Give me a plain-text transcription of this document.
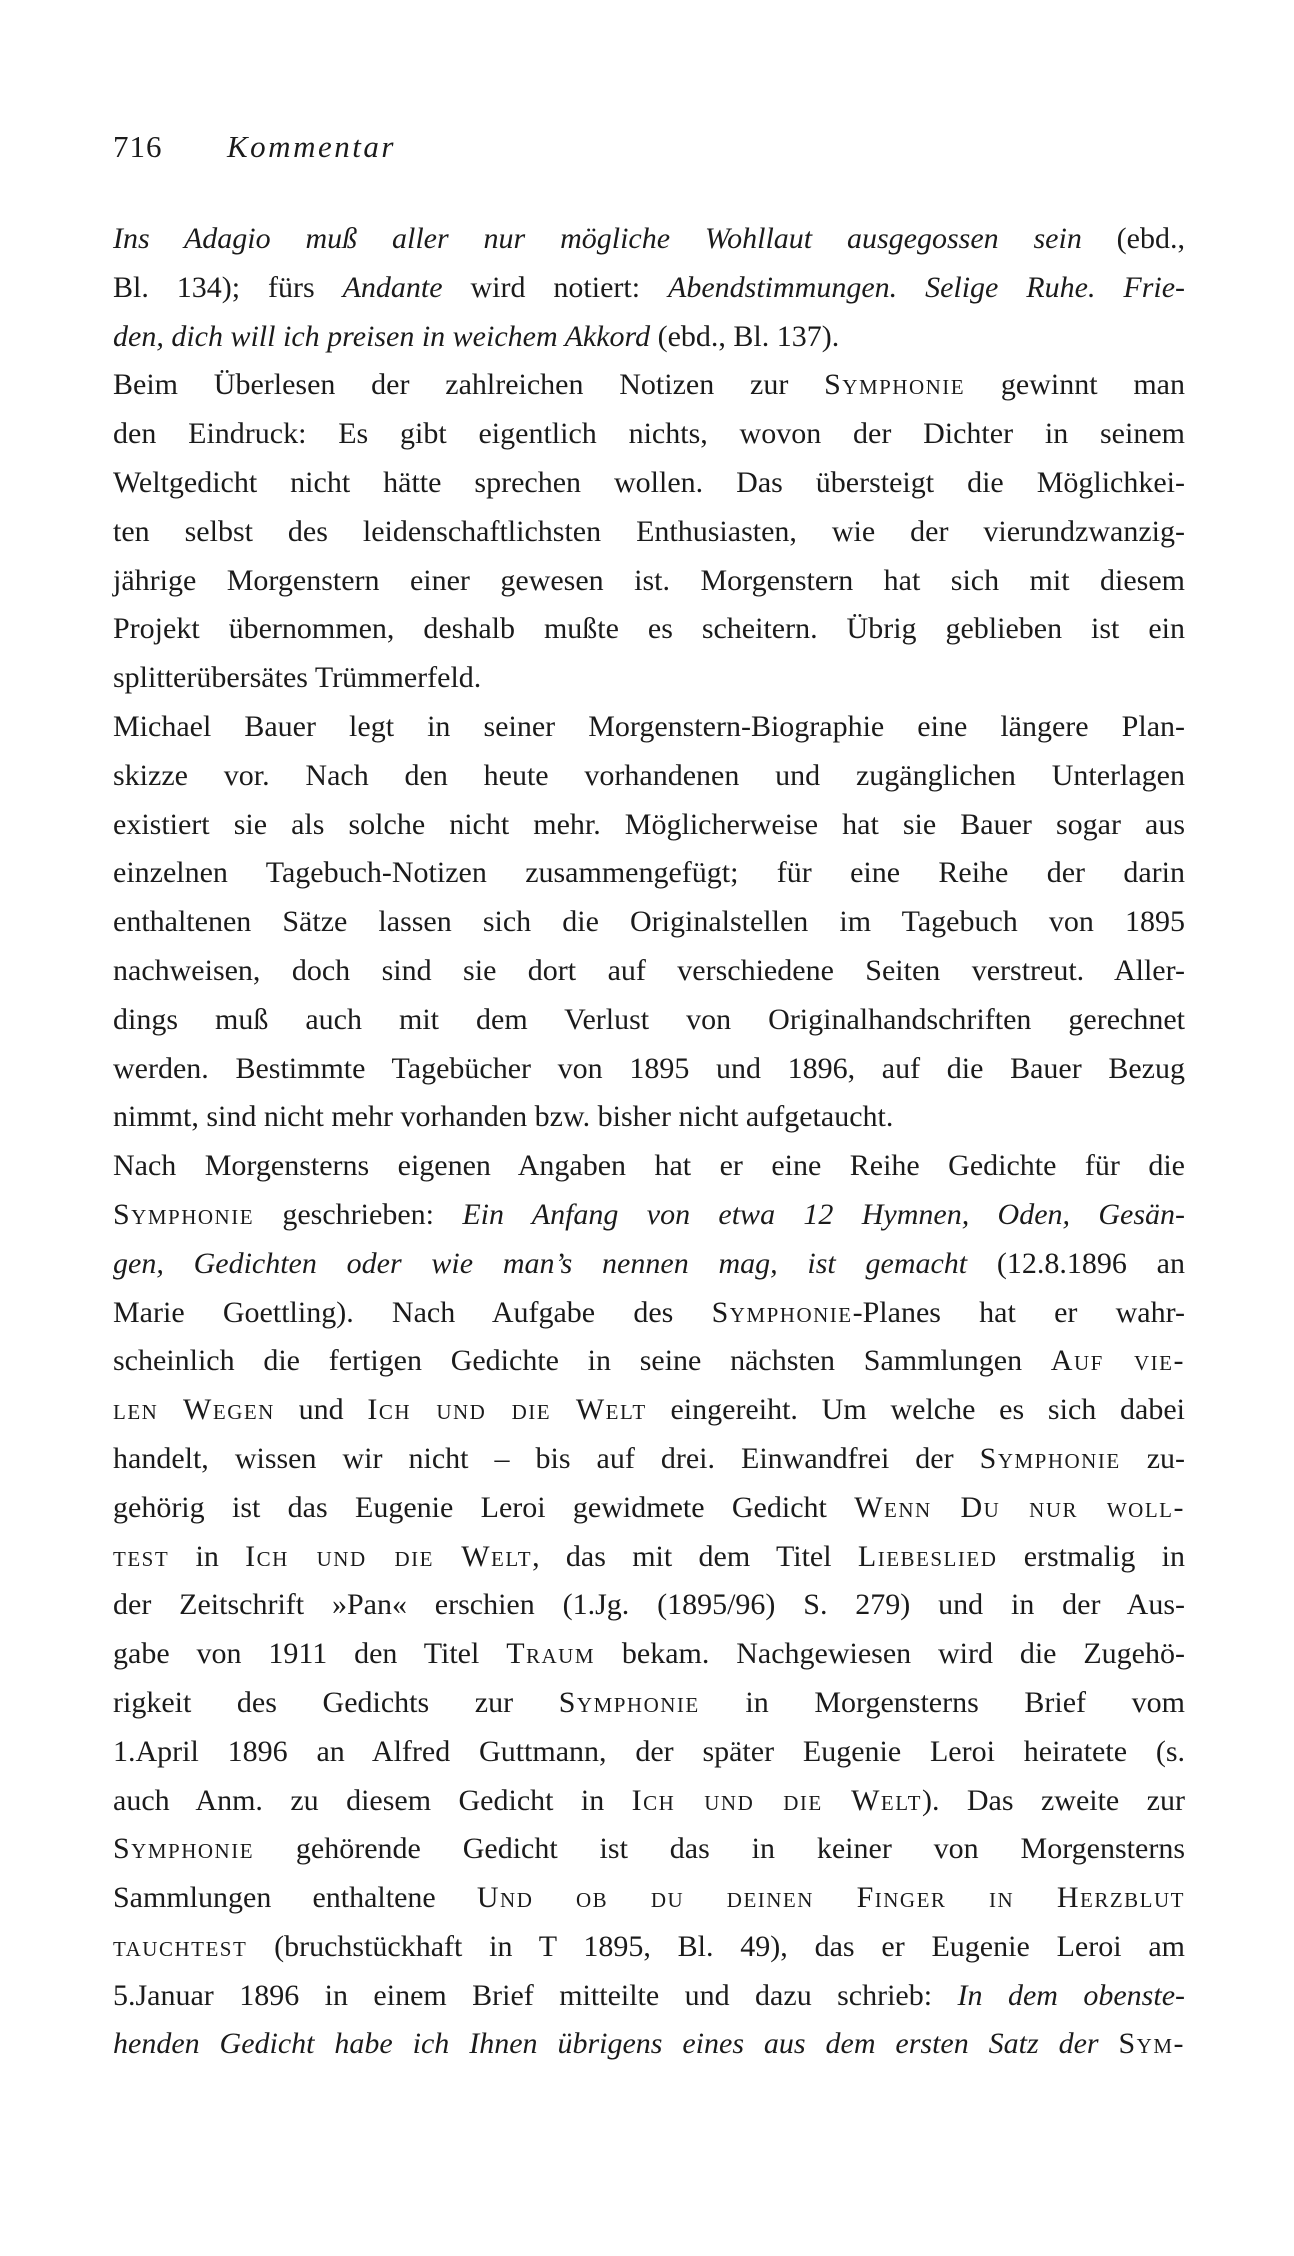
716 Kommentar
Ins Adagio muß aller nur mögliche Wohllaut ausgegossen sein (ebd.,
Bl. 134); fürs Andante wird notiert: Abendstimmungen. Selige Ruhe. Frie-
den, dich will ich preisen in weichem Akkord (ebd., Bl. 137).
Beim Überlesen der zahlreichen Notizen zur Symphonie gewinnt man
den Eindruck: Es gibt eigentlich nichts, wovon der Dichter in seinem
Weltgedicht nicht hätte sprechen wollen. Das übersteigt die Möglichkei-
ten selbst des leidenschaftlichsten Enthusiasten, wie der vierundzwanzig-
jährige Morgenstern einer gewesen ist. Morgenstern hat sich mit diesem
Projekt übernommen, deshalb mußte es scheitern. Übrig geblieben ist ein
splitterübersätes Trümmerfeld.
Michael Bauer legt in seiner Morgenstern-Biographie eine längere Plan-
skizze vor. Nach den heute vorhandenen und zugänglichen Unterlagen
existiert sie als solche nicht mehr. Möglicherweise hat sie Bauer sogar aus
einzelnen Tagebuch-Notizen zusammengefügt; für eine Reihe der darin
enthaltenen Sätze lassen sich die Originalstellen im Tagebuch von 1895
nachweisen, doch sind sie dort auf verschiedene Seiten verstreut. Aller-
dings muß auch mit dem Verlust von Originalhandschriften gerechnet
werden. Bestimmte Tagebücher von 1895 und 1896, auf die Bauer Bezug
nimmt, sind nicht mehr vorhanden bzw. bisher nicht aufgetaucht.
Nach Morgensterns eigenen Angaben hat er eine Reihe Gedichte für die
Symphonie geschrieben: Ein Anfang von etwa 12 Hymnen, Oden, Gesän-
gen, Gedichten oder wie man’s nennen mag, ist gemacht (12.8.1896 an
Marie Goettling). Nach Aufgabe des Symphonie-Planes hat er wahr-
scheinlich die fertigen Gedichte in seine nächsten Sammlungen Auf vie-
len Wegen und Ich und die Welt eingereiht. Um welche es sich dabei
handelt, wissen wir nicht – bis auf drei. Einwandfrei der Symphonie zu-
gehörig ist das Eugenie Leroi gewidmete Gedicht Wenn Du nur woll-
test in Ich und die Welt, das mit dem Titel Liebeslied erstmalig in
der Zeitschrift »Pan« erschien (1.Jg. (1895/96) S. 279) und in der Aus-
gabe von 1911 den Titel Traum bekam. Nachgewiesen wird die Zugehö-
rigkeit des Gedichts zur Symphonie in Morgensterns Brief vom
1.April 1896 an Alfred Guttmann, der später Eugenie Leroi heiratete (s.
auch Anm. zu diesem Gedicht in Ich und die Welt). Das zweite zur
Symphonie gehörende Gedicht ist das in keiner von Morgensterns
Sammlungen enthaltene Und ob du deinen Finger in Herzblut
tauchtest (bruchstückhaft in T 1895, Bl. 49), das er Eugenie Leroi am
5.Januar 1896 in einem Brief mitteilte und dazu schrieb: In dem obenste-
henden Gedicht habe ich Ihnen übrigens eines aus dem ersten Satz der Sym-
